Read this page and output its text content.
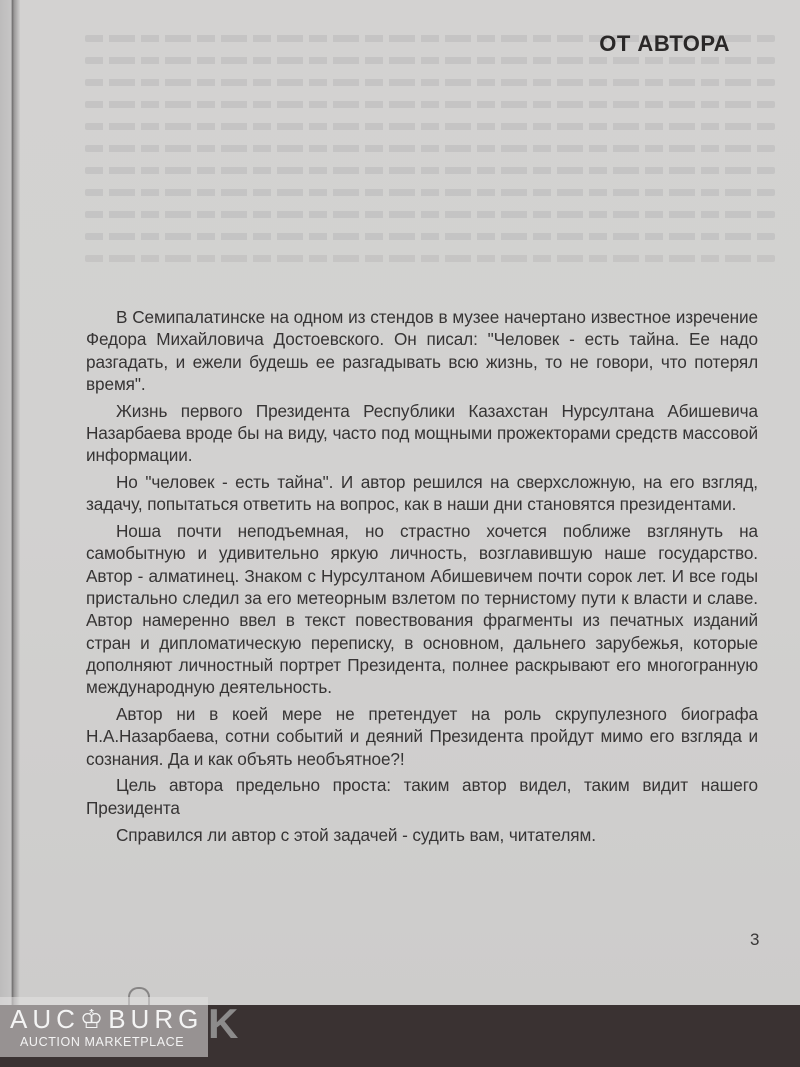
ОТ АВТОРА

В Семипалатинске на одном из стендов в музее начертано известное изречение Федора Михайловича Достоевского. Он писал: "Человек - есть тайна. Ее надо разгадать, и ежели будешь ее разгадывать всю жизнь, то не говори, что потерял время".

Жизнь первого Президента Республики Казахстан Нурсултана Абишевича Назарбаева вроде бы на виду, часто под мощными прожекторами средств массовой информации.

Но "человек - есть тайна". И автор решился на сверхсложную, на его взгляд, задачу, попытаться ответить на вопрос, как в наши дни становятся президентами.

Ноша почти неподъемная, но страстно хочется поближе взглянуть на самобытную и удивительно яркую личность, возглавившую наше государство. Автор - алматинец. Знаком с Нурсултаном Абишевичем почти сорок лет. И все годы пристально следил за его метеорным взлетом по тернистому пути к власти и славе. Автор намеренно ввел в текст повествования фрагменты из печатных изданий стран и дипломатическую переписку, в основном, дальнего зарубежья, которые дополняют личностный портрет Президента, полнее раскрывают его многогранную международную деятельность.

Автор ни в коей мере не претендует на роль скрупулезного биографа Н.А.Назарбаева, сотни событий и деяний Президента пройдут мимо его взгляда и сознания. Да и как объять необъятное?!

Цель автора предельно проста: таким автор видел, таким видит нашего Президента

Справился ли автор с этой задачей - судить вам, читателям.

3
AUC♔BURG
AUCTION MARKETPLACE K
